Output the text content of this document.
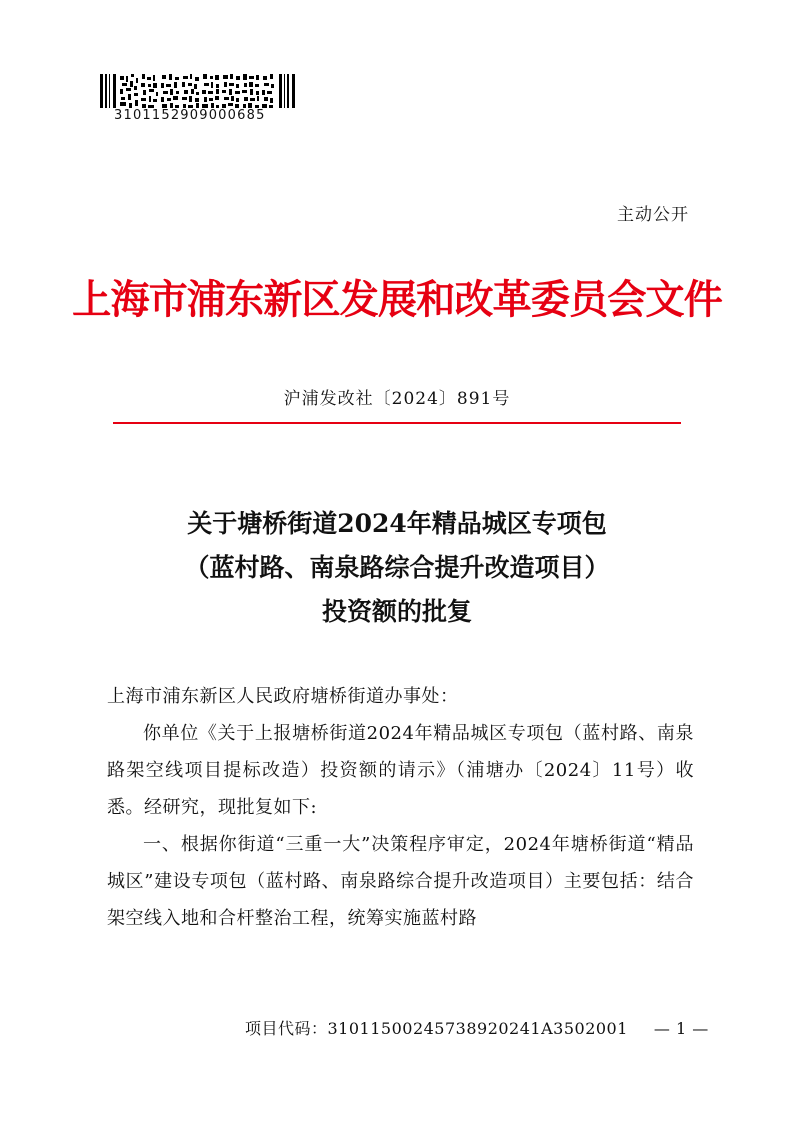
3101152909000685
主动公开
上海市浦东新区发展和改革委员会文件
沪浦发改社〔2024〕891号
关于塘桥街道2024年精品城区专项包
（蓝村路、南泉路综合提升改造项目）
投资额的批复

上海市浦东新区人民政府塘桥街道办事处：

你单位《关于上报塘桥街道2024年精品城区专项包（蓝村路、南泉路架空线项目提标改造）投资额的请示》（浦塘办〔2024〕11号）收悉。经研究，现批复如下:

一、根据你街道“三重一大”决策程序审定，2024年塘桥街道“精品城区”建设专项包（蓝村路、南泉路综合提升改造项目）主要包括：结合架空线入地和合杆整治工程，统筹实施蓝村路

项目代码：31011500245738920241A3502001 — 1 —
